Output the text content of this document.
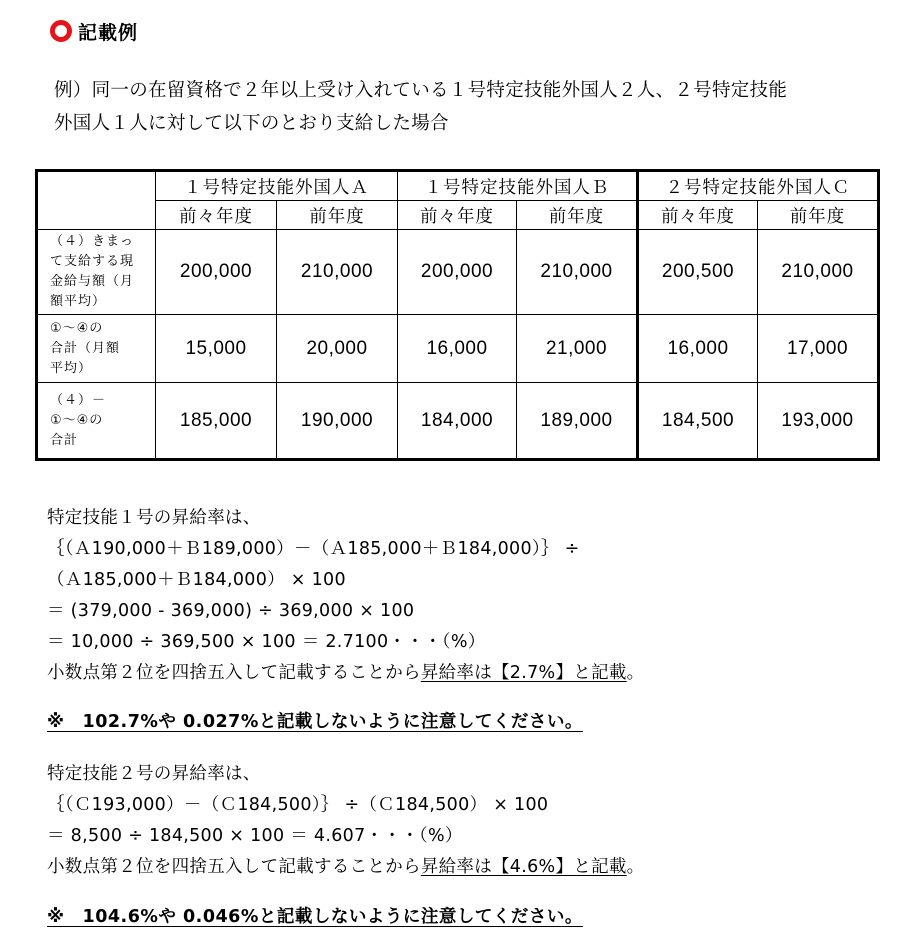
記載例
例）同一の在留資格で２年以上受け入れている１号特定技能外国人２人、２号特定技能
外国人１人に対して以下のとおり支給した場合
	１号特定技能外国人Ａ		１号特定技能外国人Ｂ		２号特定技能外国人Ｃ	
	前々年度	前年度	前々年度	前年度	前々年度	前年度
（４）きまっ
て支給する現
金給与額（月
額平均）	200,000	210,000	200,000	210,000	200,500	210,000
①～④の
合計（月額
平均）	15,000	20,000	16,000	21,000	16,000	17,000
（４）－
①～④の
合計	185,000	190,000	184,000	189,000	184,500	193,000
特定技能１号の昇給率は、
｛（Ａ190,000＋Ｂ189,000）－（Ａ185,000＋Ｂ184,000）｝ ÷
（Ａ185,000＋Ｂ184,000） × 100
＝ (379,000 - 369,000) ÷ 369,000 × 100
＝ 10,000 ÷ 369,500 × 100 ＝ 2.7100・・・（%）
小数点第２位を四捨五入して記載することから昇給率は【2.7%】と記載。
※　102.7%や 0.027%と記載しないように注意してください。
特定技能２号の昇給率は、
｛（Ｃ193,000）－（Ｃ184,500）｝ ÷（Ｃ184,500） × 100
＝ 8,500 ÷ 184,500 × 100 ＝ 4.607・・・（%）
小数点第２位を四捨五入して記載することから昇給率は【4.6%】と記載。
※　104.6%や 0.046%と記載しないように注意してください。
